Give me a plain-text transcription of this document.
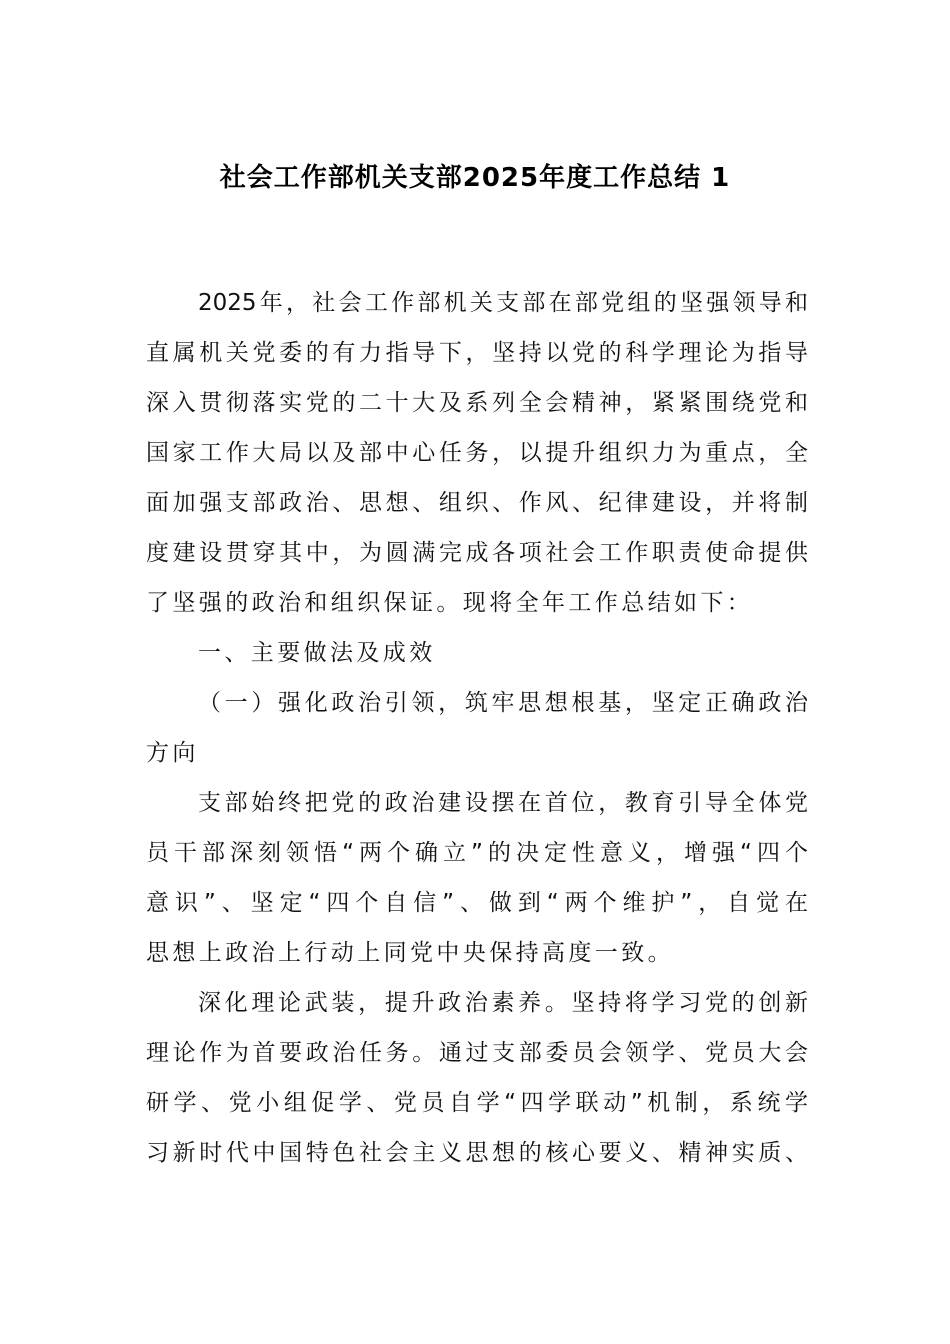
社会工作部机关支部2025年度工作总结 1
2025年，社会工作部机关支部在部党组的坚强领导和
直属机关党委的有力指导下，坚持以党的科学理论为指导
深入贯彻落实党的二十大及系列全会精神，紧紧围绕党和
国家工作大局以及部中心任务，以提升组织力为重点，全
面加强支部政治、思想、组织、作风、纪律建设，并将制
度建设贯穿其中，为圆满完成各项社会工作职责使命提供
了坚强的政治和组织保证。现将全年工作总结如下：
一、主要做法及成效
（一）强化政治引领，筑牢思想根基，坚定正确政治
方向
支部始终把党的政治建设摆在首位，教育引导全体党
员干部深刻领悟“两个确立”的决定性意义，增强“四个
意识”、坚定“四个自信”、做到“两个维护”，自觉在
思想上政治上行动上同党中央保持高度一致。
深化理论武装，提升政治素养。坚持将学习党的创新
理论作为首要政治任务。通过支部委员会领学、党员大会
研学、党小组促学、党员自学“四学联动”机制，系统学
习新时代中国特色社会主义思想的核心要义、精神实质、
